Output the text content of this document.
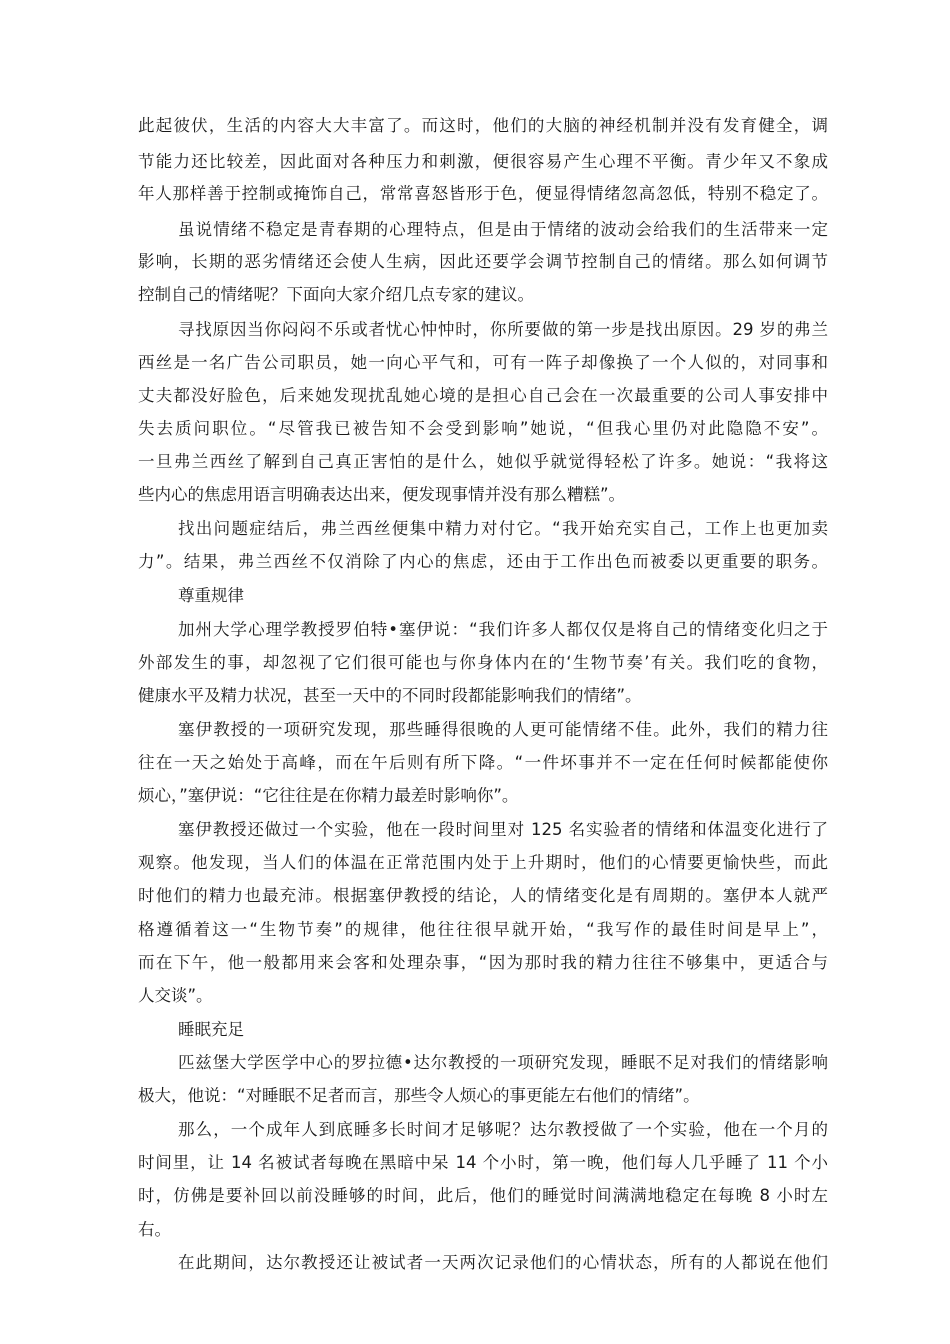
此起彼伏，生活的内容大大丰富了。而这时，他们的大脑的神经机制并没有发育健全，调
节能力还比较差，因此面对各种压力和刺激，便很容易产生心理不平衡。青少年又不象成
年人那样善于控制或掩饰自己，常常喜怒皆形于色，便显得情绪忽高忽低，特别不稳定了。
虽说情绪不稳定是青春期的心理特点，但是由于情绪的波动会给我们的生活带来一定
影响，长期的恶劣情绪还会使人生病，因此还要学会调节控制自己的情绪。那么如何调节
控制自己的情绪呢？下面向大家介绍几点专家的建议。
寻找原因当你闷闷不乐或者忧心忡忡时，你所要做的第一步是找出原因。29 岁的弗兰
西丝是一名广告公司职员，她一向心平气和，可有一阵子却像换了一个人似的，对同事和
丈夫都没好脸色，后来她发现扰乱她心境的是担心自己会在一次最重要的公司人事安排中
失去质问职位。“尽管我已被告知不会受到影响”她说，“但我心里仍对此隐隐不安”。
一旦弗兰西丝了解到自己真正害怕的是什么，她似乎就觉得轻松了许多。她说：“我将这
些内心的焦虑用语言明确表达出来，便发现事情并没有那么糟糕”。
找出问题症结后，弗兰西丝便集中精力对付它。“我开始充实自己，工作上也更加卖
力”。结果，弗兰西丝不仅消除了内心的焦虑，还由于工作出色而被委以更重要的职务。
尊重规律
加州大学心理学教授罗伯特•塞伊说：“我们许多人都仅仅是将自己的情绪变化归之于
外部发生的事，却忽视了它们很可能也与你身体内在的‘生物节奏’有关。我们吃的食物，
健康水平及精力状况，甚至一天中的不同时段都能影响我们的情绪”。
塞伊教授的一项研究发现，那些睡得很晚的人更可能情绪不佳。此外，我们的精力往
往在一天之始处于高峰，而在午后则有所下降。“一件坏事并不一定在任何时候都能使你
烦心，”塞伊说：“它往往是在你精力最差时影响你”。
塞伊教授还做过一个实验，他在一段时间里对 125 名实验者的情绪和体温变化进行了
观察。他发现，当人们的体温在正常范围内处于上升期时，他们的心情要更愉快些，而此
时他们的精力也最充沛。根据塞伊教授的结论，人的情绪变化是有周期的。塞伊本人就严
格遵循着这一“生物节奏”的规律，他往往很早就开始，“我写作的最佳时间是早上”，
而在下午，他一般都用来会客和处理杂事，“因为那时我的精力往往不够集中，更适合与
人交谈”。
睡眠充足
匹兹堡大学医学中心的罗拉德•达尔教授的一项研究发现，睡眠不足对我们的情绪影响
极大，他说：“对睡眠不足者而言，那些令人烦心的事更能左右他们的情绪”。
那么，一个成年人到底睡多长时间才足够呢？达尔教授做了一个实验，他在一个月的
时间里，让 14 名被试者每晚在黑暗中呆 14 个小时，第一晚，他们每人几乎睡了 11 个小
时，仿佛是要补回以前没睡够的时间，此后，他们的睡觉时间满满地稳定在每晚 8 小时左
右。
在此期间，达尔教授还让被试者一天两次记录他们的心情状态，所有的人都说在他们
